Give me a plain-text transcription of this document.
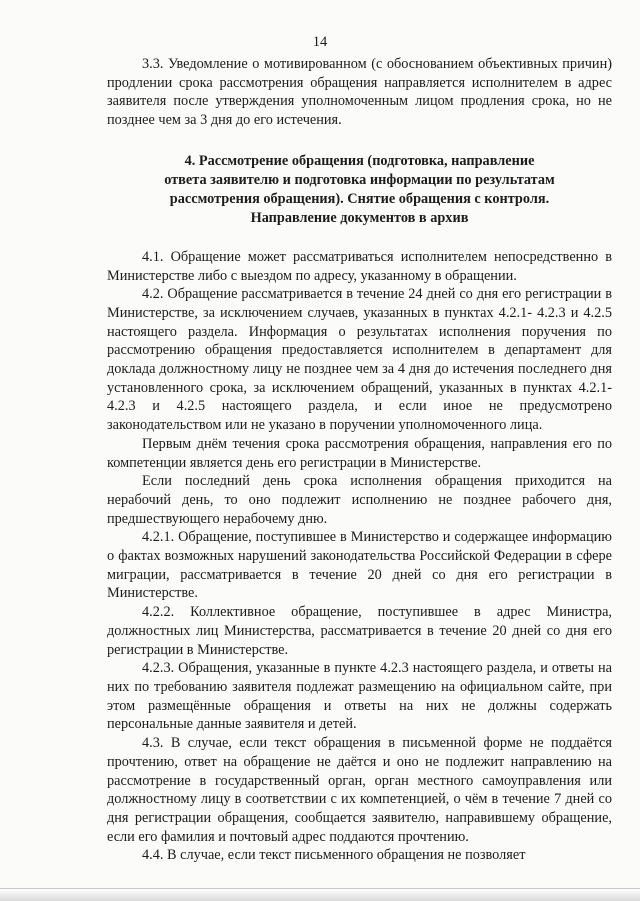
14

3.3. Уведомление о мотивированном (с обоснованием объективных причин) продлении срока рассмотрения обращения направляется исполнителем в адрес заявителя после утверждения уполномоченным лицом продления срока, но не позднее чем за 3 дня до его истечения.

4. Рассмотрение обращения (подготовка, направление
ответа заявителю и подготовка информации по результатам
рассмотрения обращения). Снятие обращения с контроля.
Направление документов в архив

4.1. Обращение может рассматриваться исполнителем непосредственно в Министерстве либо с выездом по адресу, указанному в обращении.

4.2. Обращение рассматривается в течение 24 дней со дня его регистрации в Министерстве, за исключением случаев, указанных в пунктах 4.2.1- 4.2.3 и 4.2.5 настоящего раздела. Информация о результатах исполнения поручения по рассмотрению обращения предоставляется исполнителем в департамент для доклада должностному лицу не позднее чем за 4 дня до истечения последнего дня установленного срока, за исключением обращений, указанных в пунктах 4.2.1-4.2.3 и 4.2.5 настоящего раздела, и если иное не предусмотрено законодательством или не указано в поручении уполномоченного лица.

Первым днём течения срока рассмотрения обращения, направления его по компетенции является день его регистрации в Министерстве.

Если последний день срока исполнения обращения приходится на нерабочий день, то оно подлежит исполнению не позднее рабочего дня, предшествующего нерабочему дню.

4.2.1. Обращение, поступившее в Министерство и содержащее информацию о фактах возможных нарушений законодательства Российской Федерации в сфере миграции, рассматривается в течение 20 дней со дня его регистрации в Министерстве.

4.2.2. Коллективное обращение, поступившее в адрес Министра, должностных лиц Министерства, рассматривается в течение 20 дней со дня его регистрации в Министерстве.

4.2.3. Обращения, указанные в пункте 4.2.3 настоящего раздела, и ответы на них по требованию заявителя подлежат размещению на официальном сайте, при этом размещённые обращения и ответы на них не должны содержать персональные данные заявителя и детей.

4.3. В случае, если текст обращения в письменной форме не поддаётся прочтению, ответ на обращение не даётся и оно не подлежит направлению на рассмотрение в государственный орган, орган местного самоуправления или должностному лицу в соответствии с их компетенцией, о чём в течение 7 дней со дня регистрации обращения, сообщается заявителю, направившему обращение, если его фамилия и почтовый адрес поддаются прочтению.

4.4. В случае, если текст письменного обращения не позволяет
